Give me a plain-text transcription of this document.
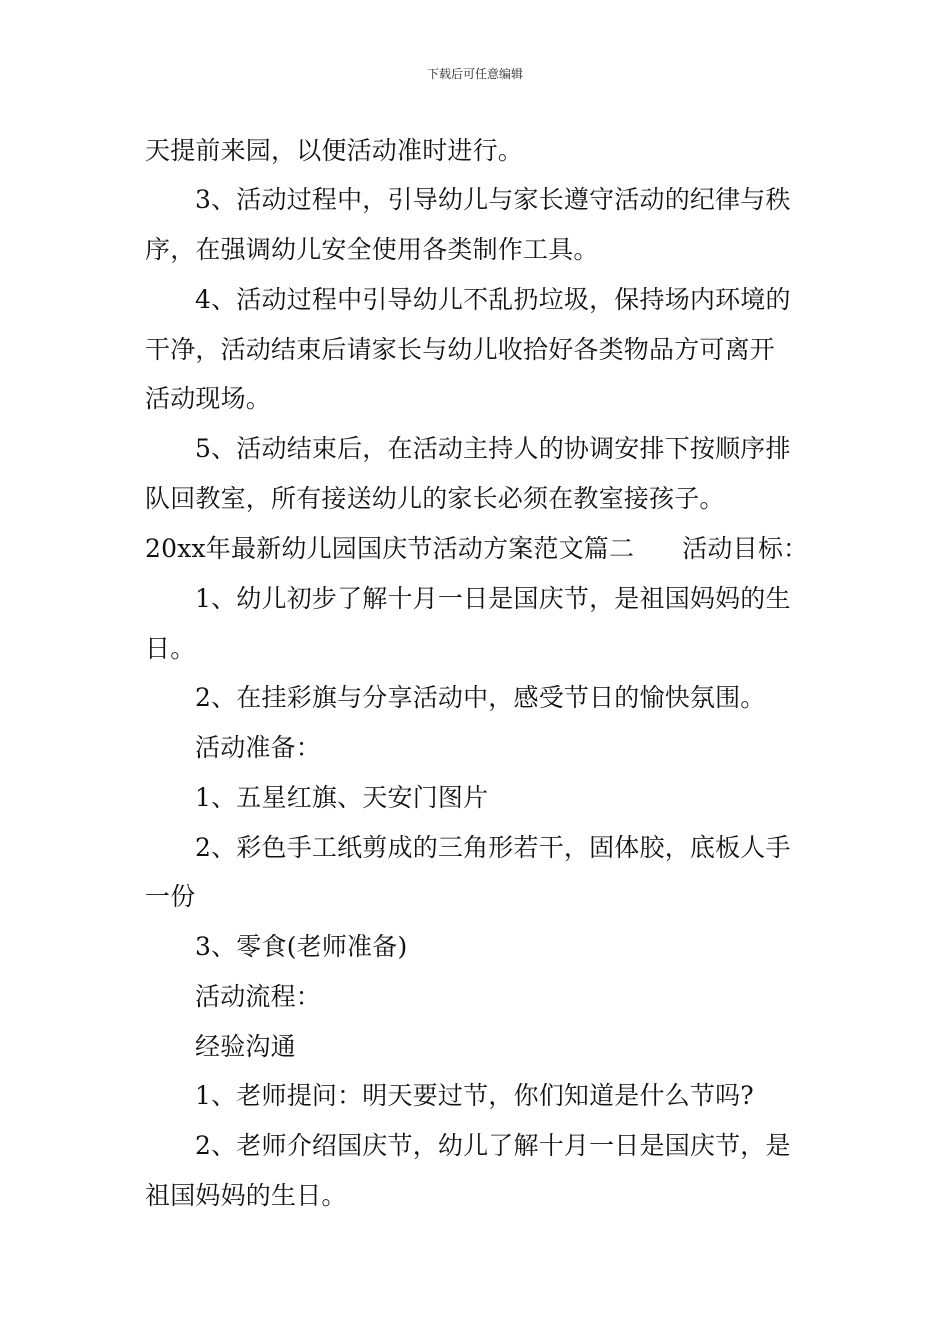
下载后可任意编辑
天提前来园，以便活动准时进行。
3、活动过程中，引导幼儿与家长遵守活动的纪律与秩
序，在强调幼儿安全使用各类制作工具。
4、活动过程中引导幼儿不乱扔垃圾，保持场内环境的
干净，活动结束后请家长与幼儿收拾好各类物品方可离开
活动现场。
5、活动结束后，在活动主持人的协调安排下按顺序排
队回教室，所有接送幼儿的家长必须在教室接孩子。
20xx年最新幼儿园国庆节活动方案范文篇二 活动目标：
1、幼儿初步了解十月一日是国庆节，是祖国妈妈的生
日。
2、在挂彩旗与分享活动中，感受节日的愉快氛围。
活动准备：
1、五星红旗、天安门图片
2、彩色手工纸剪成的三角形若干，固体胶，底板人手
一份
3、零食(老师准备)
活动流程：
经验沟通
1、老师提问：明天要过节，你们知道是什么节吗?
2、老师介绍国庆节，幼儿了解十月一日是国庆节，是
祖国妈妈的生日。
